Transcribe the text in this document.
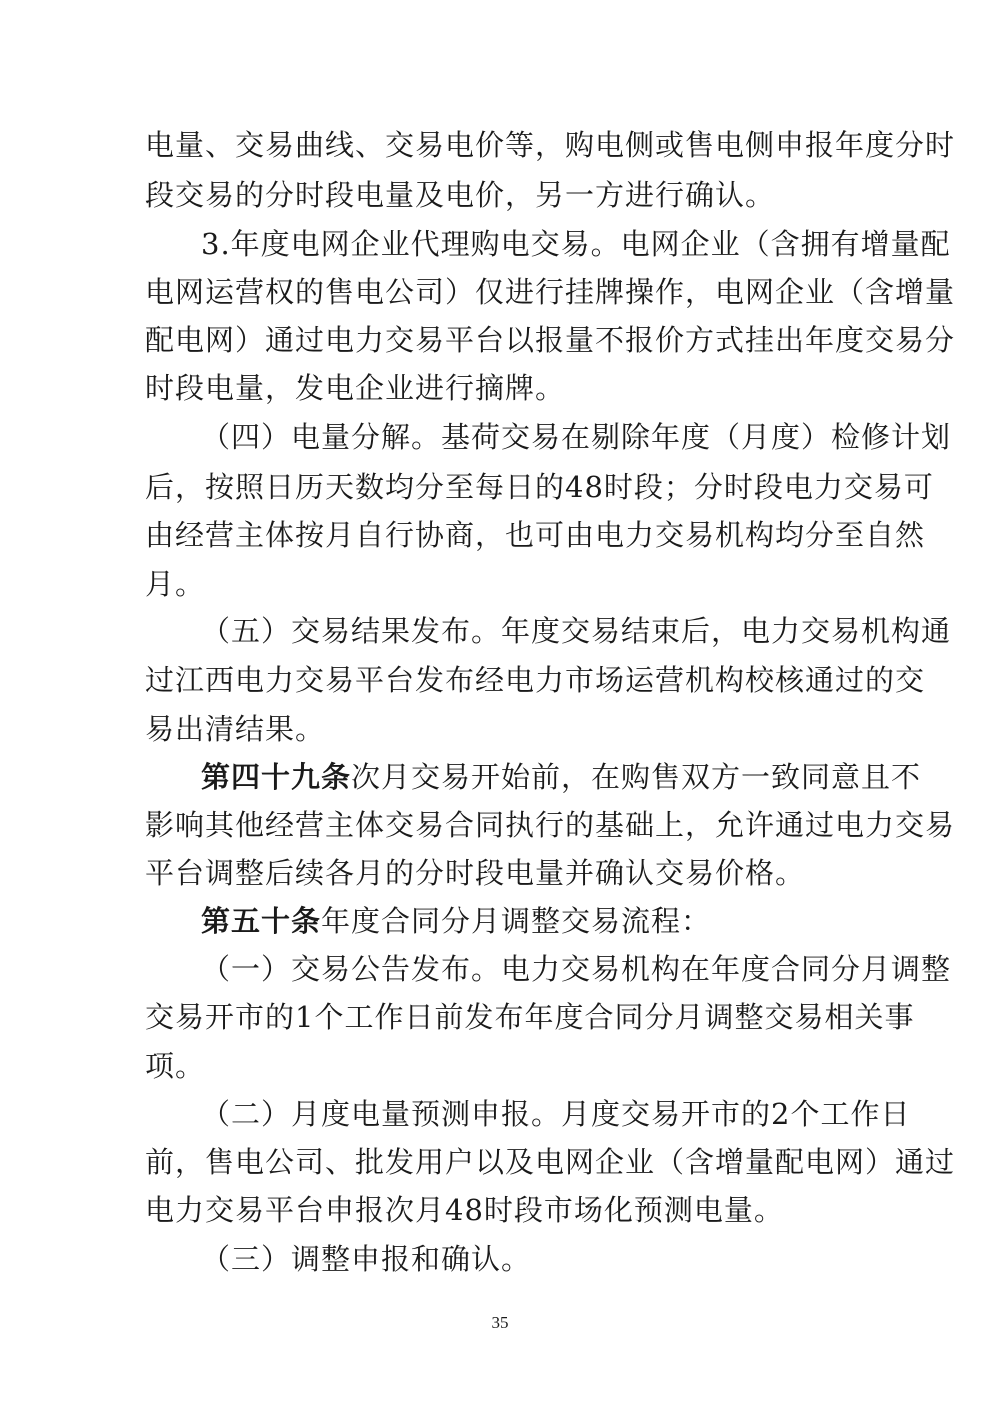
电量、交易曲线、交易电价等，购电侧或售电侧申报年度分时
段交易的分时段电量及电价，另一方进行确认。
3.年度电网企业代理购电交易。电网企业（含拥有增量配
电网运营权的售电公司）仅进行挂牌操作，电网企业（含增量
配电网）通过电力交易平台以报量不报价方式挂出年度交易分
时段电量，发电企业进行摘牌。
（四）电量分解。基荷交易在剔除年度（月度）检修计划
后，按照日历天数均分至每日的48时段；分时段电力交易可
由经营主体按月自行协商，也可由电力交易机构均分至自然
月。
（五）交易结果发布。年度交易结束后，电力交易机构通
过江西电力交易平台发布经电力市场运营机构校核通过的交
易出清结果。
第四十九条次月交易开始前，在购售双方一致同意且不
影响其他经营主体交易合同执行的基础上，允许通过电力交易
平台调整后续各月的分时段电量并确认交易价格。
第五十条年度合同分月调整交易流程：
（一）交易公告发布。电力交易机构在年度合同分月调整
交易开市的1个工作日前发布年度合同分月调整交易相关事
项。
（二）月度电量预测申报。月度交易开市的2个工作日
前，售电公司、批发用户以及电网企业（含增量配电网）通过
电力交易平台申报次月48时段市场化预测电量。
（三）调整申报和确认。
35
